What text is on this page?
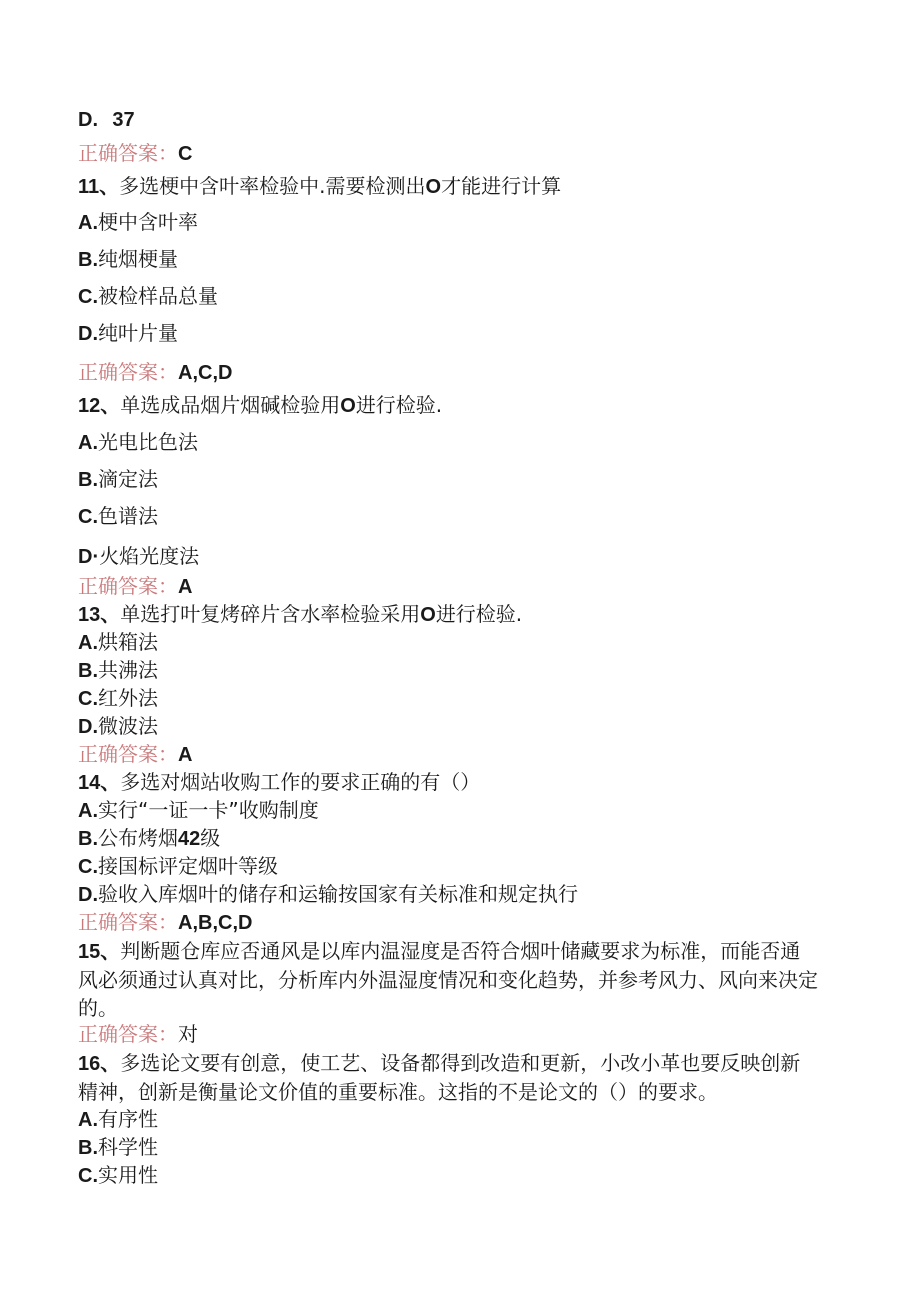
D. 37
正确答案：C
11、多选梗中含叶率检验中.需要检测出O才能进行计算
A.梗中含叶率
B.纯烟梗量
C.被检样品总量
D.纯叶片量
正确答案：A,C,D
12、单选成品烟片烟碱检验用O进行检验.
A.光电比色法
B.滴定法
C.色谱法
D·火焰光度法
正确答案：A
13、单选打叶复烤碎片含水率检验采用O进行检验.
A.烘箱法
B.共沸法
C.红外法
D.微波法
正确答案：A
14、多选对烟站收购工作的要求正确的有（）
A.实行“一证一卡”收购制度
B.公布烤烟42级
C.接国标评定烟叶等级
D.验收入库烟叶的储存和运输按国家有关标准和规定执行
正确答案：A,B,C,D
15、判断题仓库应否通风是以库内温湿度是否符合烟叶储藏要求为标准，而能否通风必须通过认真对比，分析库内外温湿度情况和变化趋势，并参考风力、风向来决定的。
正确答案：对
16、多选论文要有创意，使工艺、设备都得到改造和更新，小改小革也要反映创新精神，创新是衡量论文价值的重要标准。这指的不是论文的（）的要求。
A.有序性
B.科学性
C.实用性
